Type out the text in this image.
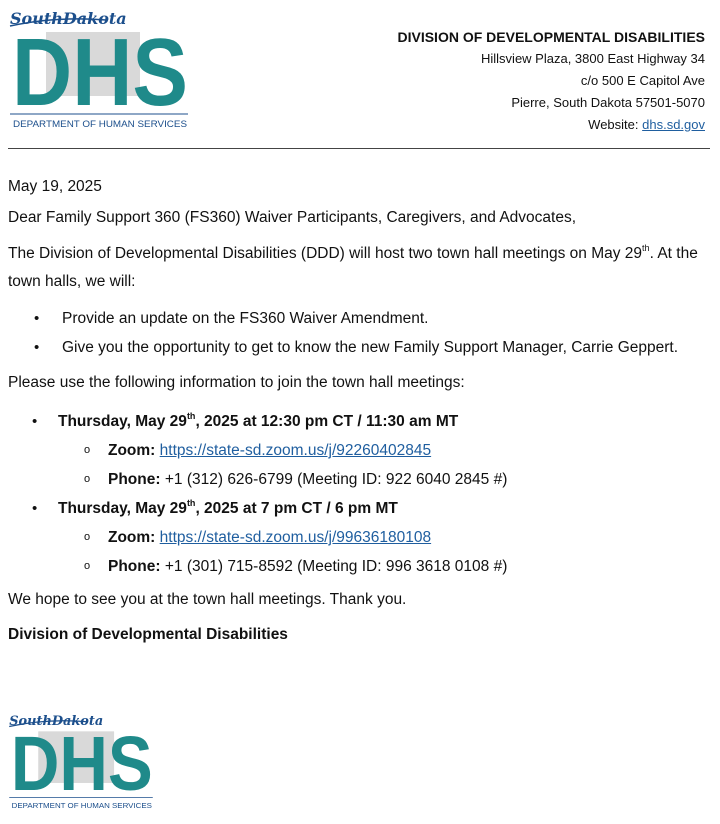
DHS
SouthDakota
DEPARTMENT OF HUMAN SERVICES
DIVISION OF DEVELOPMENTAL DISABILITIES
Hillsview Plaza, 3800 East Highway 34
c/o 500 E Capitol Ave
Pierre, South Dakota 57501-5070
Website: dhs.sd.gov

May 19, 2025

Dear Family Support 360 (FS360) Waiver Participants, Caregivers, and Advocates,

The Division of Developmental Disabilities (DDD) will host two town hall meetings on May 29th. At the town halls, we will:

• Provide an update on the FS360 Waiver Amendment.
• Give you the opportunity to get to know the new Family Support Manager, Carrie Geppert.

Please use the following information to join the town hall meetings:

• Thursday, May 29th, 2025 at 12:30 pm CT / 11:30 am MT
o Zoom: https://state-sd.zoom.us/j/92260402845
o Phone: +1 (312) 626-6799 (Meeting ID: 922 6040 2845 #)
• Thursday, May 29th, 2025 at 7 pm CT / 6 pm MT
o Zoom: https://state-sd.zoom.us/j/99636180108
o Phone: +1 (301) 715-8592 (Meeting ID: 996 3618 0108 #)

We hope to see you at the town hall meetings. Thank you.

Division of Developmental Disabilities

DHS
SouthDakota
DEPARTMENT OF HUMAN SERVICES
